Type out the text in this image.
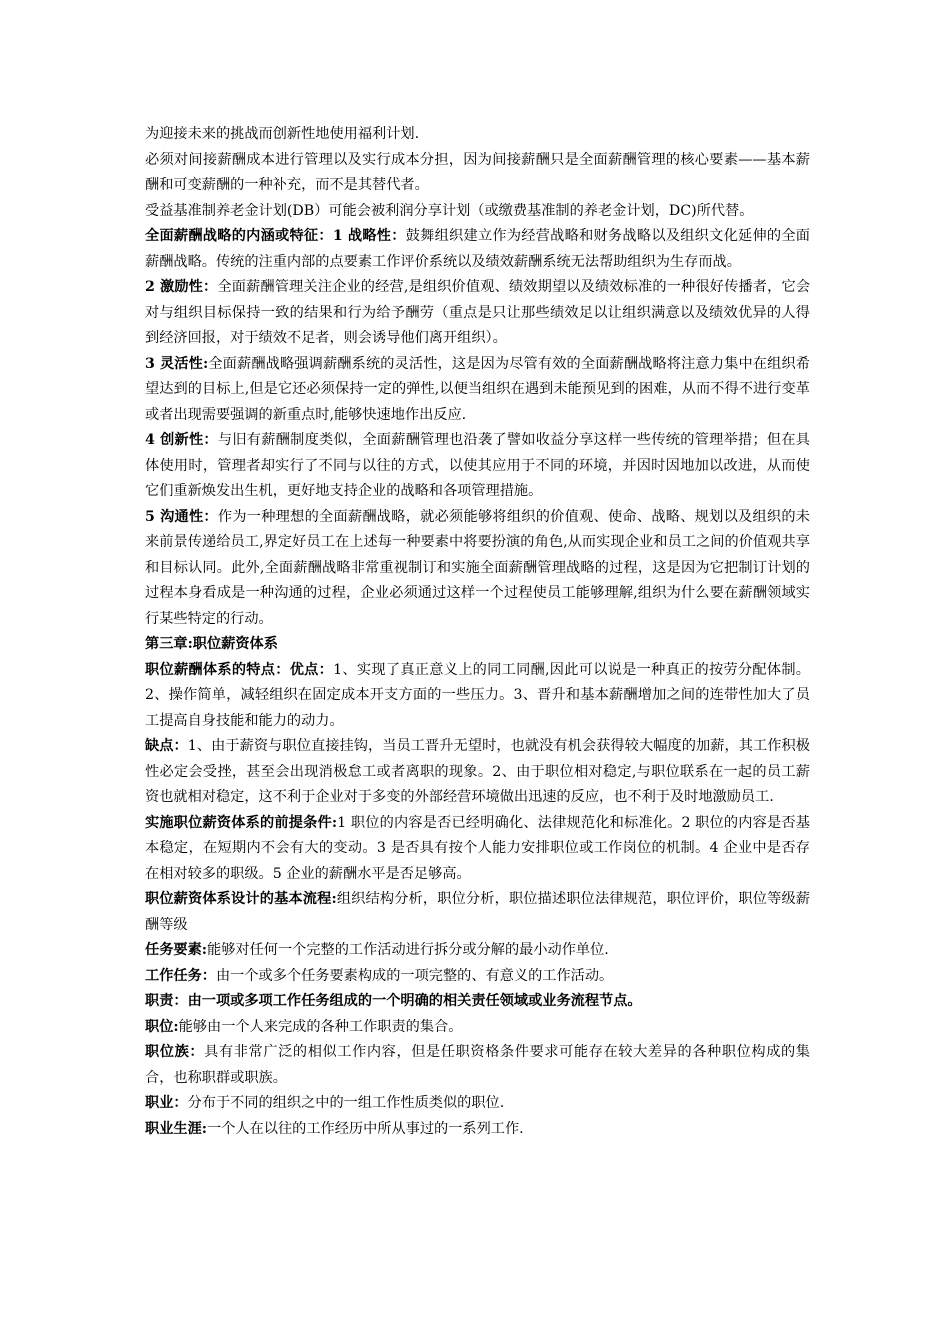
为迎接未来的挑战而创新性地使用福利计划.

必须对间接薪酬成本进行管理以及实行成本分担，因为间接薪酬只是全面薪酬管理的核心要素——基本薪酬和可变薪酬的一种补充，而不是其替代者。

受益基准制养老金计划(DB）可能会被利润分享计划（或缴费基准制的养老金计划，DC)所代替。

全面薪酬战略的内涵或特征：1 战略性：鼓舞组织建立作为经营战略和财务战略以及组织文化延伸的全面薪酬战略。传统的注重内部的点要素工作评价系统以及绩效薪酬系统无法帮助组织为生存而战。

2 激励性：全面薪酬管理关注企业的经营,是组织价值观、绩效期望以及绩效标准的一种很好传播者，它会对与组织目标保持一致的结果和行为给予酬劳（重点是只让那些绩效足以让组织满意以及绩效优异的人得到经济回报，对于绩效不足者，则会诱导他们离开组织）。

3 灵活性:全面薪酬战略强调薪酬系统的灵活性，这是因为尽管有效的全面薪酬战略将注意力集中在组织希望达到的目标上,但是它还必须保持一定的弹性,以便当组织在遇到未能预见到的困难，从而不得不进行变革或者出现需要强调的新重点时,能够快速地作出反应.

4 创新性：与旧有薪酬制度类似，全面薪酬管理也沿袭了譬如收益分享这样一些传统的管理举措；但在具体使用时，管理者却实行了不同与以往的方式，以使其应用于不同的环境，并因时因地加以改进，从而使它们重新焕发出生机，更好地支持企业的战略和各项管理措施。

5 沟通性：作为一种理想的全面薪酬战略，就必须能够将组织的价值观、使命、战略、规划以及组织的未来前景传递给员工,界定好员工在上述每一种要素中将要扮演的角色,从而实现企业和员工之间的价值观共享和目标认同。此外,全面薪酬战略非常重视制订和实施全面薪酬管理战略的过程，这是因为它把制订计划的过程本身看成是一种沟通的过程，企业必须通过这样一个过程使员工能够理解,组织为什么要在薪酬领域实行某些特定的行动。

第三章:职位薪资体系

职位薪酬体系的特点：优点：1、实现了真正意义上的同工同酬,因此可以说是一种真正的按劳分配体制。2、操作简单，减轻组织在固定成本开支方面的一些压力。3、晋升和基本薪酬增加之间的连带性加大了员工提高自身技能和能力的动力。

缺点：1、由于薪资与职位直接挂钩，当员工晋升无望时，也就没有机会获得较大幅度的加薪，其工作积极性必定会受挫，甚至会出现消极怠工或者离职的现象。2、由于职位相对稳定,与职位联系在一起的员工薪资也就相对稳定，这不利于企业对于多变的外部经营环境做出迅速的反应，也不利于及时地激励员工.

实施职位薪资体系的前提条件:1 职位的内容是否已经明确化、法律规范化和标准化。2 职位的内容是否基本稳定，在短期内不会有大的变动。3 是否具有按个人能力安排职位或工作岗位的机制。4 企业中是否存在相对较多的职级。5 企业的薪酬水平是否足够高。

职位薪资体系设计的基本流程:组织结构分析，职位分析，职位描述职位法律规范，职位评价，职位等级薪酬等级

任务要素:能够对任何一个完整的工作活动进行拆分或分解的最小动作单位.

工作任务：由一个或多个任务要素构成的一项完整的、有意义的工作活动。

职责：由一项或多项工作任务组成的一个明确的相关责任领域或业务流程节点。

职位:能够由一个人来完成的各种工作职责的集合。

职位族：具有非常广泛的相似工作内容，但是任职资格条件要求可能存在较大差异的各种职位构成的集合，也称职群或职族。

职业：分布于不同的组织之中的一组工作性质类似的职位.

职业生涯:一个人在以往的工作经历中所从事过的一系列工作.
